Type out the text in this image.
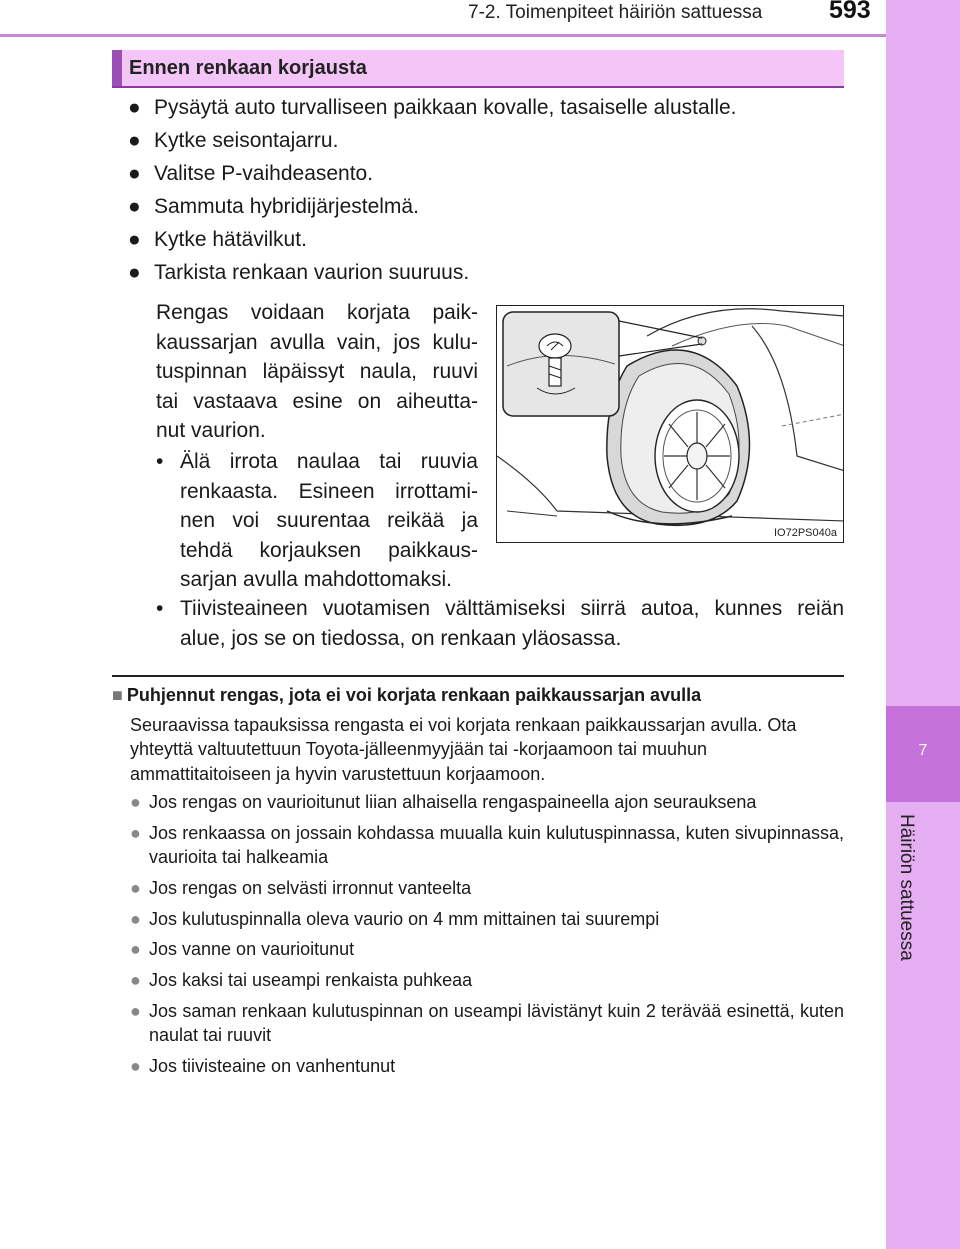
7-2. Toimenpiteet häiriön sattuessa	593
7
Häiriön sattuessa
Ennen renkaan korjausta
● Pysäytä auto turvalliseen paikkaan kovalle, tasaiselle alustalle.
● Kytke seisontajarru.
● Valitse P-vaihdeasento.
● Sammuta hybridijärjestelmä.
● Kytke hätävilkut.
● Tarkista renkaan vaurion suuruus.
Rengas voidaan korjata paik-
kaussarjan avulla vain, jos kulu-
tuspinnan läpäissyt naula, ruuvi
tai vastaava esine on aiheutta-
nut vaurion.
• Älä irrota naulaa tai ruuvia
renkaasta. Esineen irrottami-
nen voi suurentaa reikää ja
tehdä korjauksen paikkaus-
sarjan avulla mahdottomaksi.
• Tiivisteaineen vuotamisen välttämiseksi siirrä autoa, kunnes reiän
alue, jos se on tiedossa, on renkaan yläosassa.
IO72PS040a
■ Puhjennut rengas, jota ei voi korjata renkaan paikkaussarjan avulla
Seuraavissa tapauksissa rengasta ei voi korjata renkaan paikkaussarjan avulla. Ota yhteyttä valtuutettuun Toyota-jälleenmyyjään tai -korjaamoon tai muuhun ammattitaitoiseen ja hyvin varustettuun korjaamoon.
● Jos rengas on vaurioitunut liian alhaisella rengaspaineella ajon seurauksena
● Jos renkaassa on jossain kohdassa muualla kuin kulutuspinnassa, kuten sivupinnassa, vaurioita tai halkeamia
● Jos rengas on selvästi irronnut vanteelta
● Jos kulutuspinnalla oleva vaurio on 4 mm mittainen tai suurempi
● Jos vanne on vaurioitunut
● Jos kaksi tai useampi renkaista puhkeaa
● Jos saman renkaan kulutuspinnan on useampi lävistänyt kuin 2 terävää esinettä, kuten naulat tai ruuvit
● Jos tiivisteaine on vanhentunut
